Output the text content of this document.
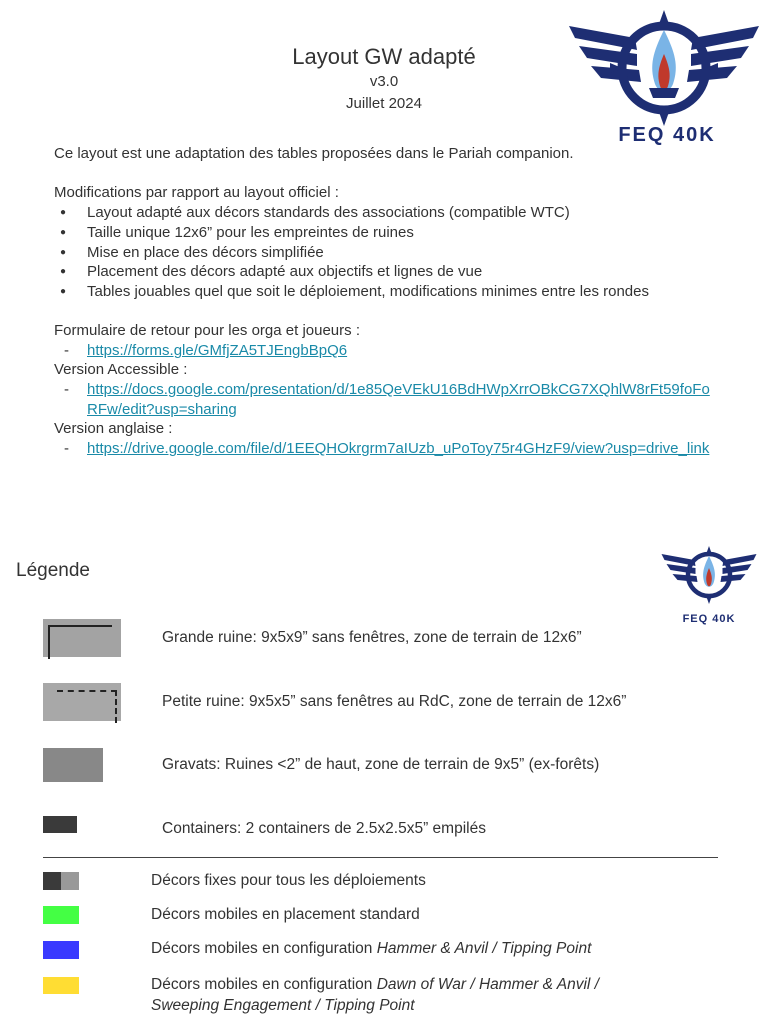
Layout GW adapté
v3.0
Juillet 2024
FEQ 40K
Ce layout est une adaptation des tables proposées dans le Pariah companion.
Modifications par rapport au layout officiel :
● Layout adapté aux décors standards des associations (compatible WTC)
● Taille unique 12x6” pour les empreintes de ruines
● Mise en place des décors simplifiée
● Placement des décors adapté aux objectifs et lignes de vue
● Tables jouables quel que soit le déploiement, modifications minimes entre les rondes
Formulaire de retour pour les orga et joueurs :
- https://forms.gle/GMfjZA5TJEngbBpQ6
Version Accessible :
- https://docs.google.com/presentation/d/1e85QeVEkU16BdHWpXrrOBkCG7XQhlW8rFt59foFoRFw/edit?usp=sharing
Version anglaise :
- https://drive.google.com/file/d/1EEQHOkrgrm7aIUzb_uPoToy75r4GHzF9/view?usp=drive_link
Légende
FEQ 40K
Grande ruine: 9x5x9” sans fenêtres, zone de terrain de 12x6”
Petite ruine: 9x5x5” sans fenêtres au RdC, zone de terrain de 12x6”
Gravats: Ruines <2” de haut, zone de terrain de 9x5” (ex-forêts)
Containers: 2 containers de 2.5x2.5x5” empilés
Décors fixes pour tous les déploiements
Décors mobiles en placement standard
Décors mobiles en configuration Hammer & Anvil / Tipping Point
Décors mobiles en configuration Dawn of War / Hammer & Anvil /
Sweeping Engagement / Tipping Point
